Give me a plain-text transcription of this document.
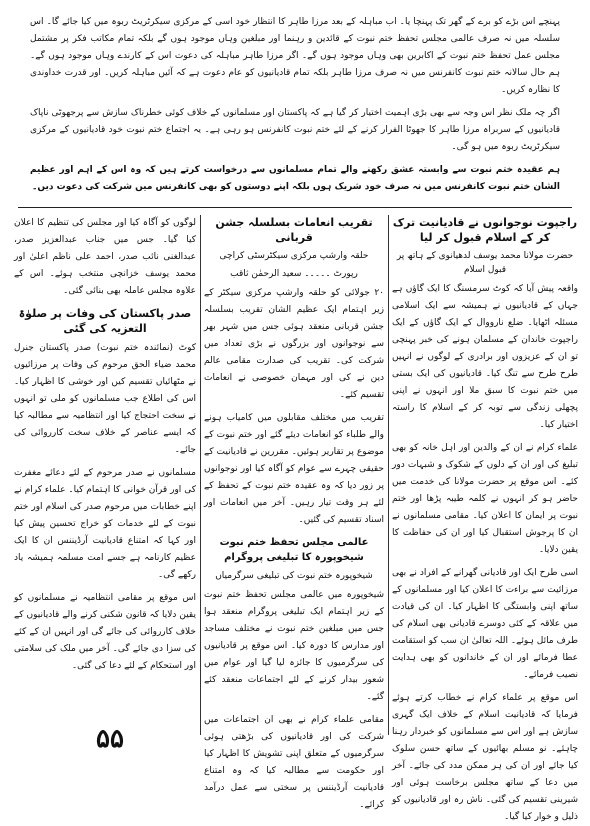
پہنچے اس بڑے کو برے کے گھر تک پہنچا یا۔ اب مباہلہ کے بعد مرزا طاہر کا انتظار خود اسی کے مرکزی سیکرٹریٹ ربوہ میں کیا جائے گا۔ اس سلسلہ میں نہ صرف عالمی مجلس تحفظ ختم نبوت کے قائدین و رہنما اور مبلغین وہاں موجود ہوں گے بلکہ تمام مکاتب فکر پر مشتمل مجلس عمل تحفظ ختم نبوت کے اکابرین بھی وہاں موجود ہوں گے۔ اگر مرزا طاہر مباہلہ کی دعوت اس کے کارندے وہاں موجود ہوں گے۔ ہم حال سالانہ ختم نبوت کانفرنس میں نہ صرف مرزا طاہر بلکہ تمام قادیانیوں کو عام دعوت ہے کہ آئیں مباہلہ کریں۔ اور قدرت خداوندی کا نظارہ کریں۔

اگر چہ ملک نظر اس وجہ سے بھی بڑی اہمیت اختیار کر گیا ہے کہ پاکستان اور مسلمانوں کے خلاف کوئی خطرناک سازش سے پرجھوٹی ناپاک قادیانیوں کے سربراہ مرزا طاہر کا جھوٹا الفرار کرنے کے لئے ختم نبوت کانفرنس ہو رہی ہے۔ یہ اجتماع ختم نبوت خود قادیانیوں کے مرکزی سیکرٹریٹ ربوہ میں ہو گی۔

ہم عقیدہ ختم نبوت سے وابستہ عشق رکھنے والے تمام مسلمانوں سے درخواست کرتے ہیں کہ وہ اس کے اہم اور عظیم الشان ختم نبوت کانفرنس میں نہ صرف خود شریک ہوں بلکہ اپنے دوستوں کو بھی کانفرنس میں شرکت کی دعوت دیں۔

راجپوت نوجوانوں نے قادیانیت ترک کر کے اسلام قبول کر لیا

حضرت مولانا محمد یوسف لدھیانوی کے ہاتھ پر قبول اسلام

واقعہ پیش آیا کہ کوٹ سرمسنگ کا ایک گاؤں ہے جہاں کے قادیانیوں نے ہمیشہ سے ایک اسلامی مسئلہ اٹھایا۔ ضلع نارووال کے ایک گاؤں کے ایک راجپوت خاندان کے مسلمان ہونے کی خبر پہنچی تو ان کے عزیزوں اور برادری کے لوگوں نے انہیں طرح طرح سے تنگ کیا۔ قادیانیوں کی ایک بستی میں ختم نبوت کا سبق ملا اور انہوں نے اپنی پچھلی زندگی سے توبہ کر کے اسلام کا راستہ اختیار کیا۔

علماء کرام نے ان کے والدین اور اہل خانہ کو بھی تبلیغ کی اور ان کے دلوں کے شکوک و شبہات دور کئے۔ اس موقع پر حضرت مولانا کی خدمت میں حاضر ہو کر انہوں نے کلمہ طیبہ پڑھا اور ختم نبوت پر ایمان کا اعلان کیا۔ مقامی مسلمانوں نے ان کا پرجوش استقبال کیا اور ان کی حفاظت کا یقین دلایا۔

اسی طرح ایک اور قادیانی گھرانے کے افراد نے بھی مرزائیت سے براءت کا اعلان کیا اور مسلمانوں کے ساتھ اپنی وابستگی کا اظہار کیا۔ ان کی قیادت میں علاقہ کے کئی دوسرے قادیانی بھی اسلام کی طرف مائل ہوئے۔ اللہ تعالیٰ ان سب کو استقامت عطا فرمائے اور ان کے خاندانوں کو بھی ہدایت نصیب فرمائے۔

اس موقع پر علماء کرام نے خطاب کرتے ہوئے فرمایا کہ قادیانیت اسلام کے خلاف ایک گہری سازش ہے اور اس سے مسلمانوں کو خبردار رہنا چاہئے۔ نو مسلم بھائیوں کے ساتھ حسن سلوک کیا جائے اور ان کی ہر ممکن مدد کی جائے۔ آخر میں دعا کے ساتھ مجلس برخاست ہوئی اور شیرینی تقسیم کی گئی۔ ناش رہ اور قادیانیوں کو ذلیل و خوار کیا گیا۔

تقریب انعامات بسلسلہ جشن قربانی

حلقہ وارشپ مرکزی سیکٹرسٹی کراچی

رپورٹ ۔۔۔۔۔ سعید الرحمٰن ثاقب

۲۰ جولائی کو حلقہ وارشپ مرکزی سیکٹر کے زیر اہتمام ایک عظیم الشان تقریب بسلسلہ جشن قربانی منعقد ہوئی جس میں شہر بھر سے نوجوانوں اور بزرگوں نے بڑی تعداد میں شرکت کی۔ تقریب کی صدارت مقامی عالم دین نے کی اور مہمان خصوصی نے انعامات تقسیم کئے۔

تقریب میں مختلف مقابلوں میں کامیاب ہونے والے طلباء کو انعامات دیئے گئے اور ختم نبوت کے موضوع پر تقاریر ہوئیں۔ مقررین نے قادیانیت کے حقیقی چہرے سے عوام کو آگاہ کیا اور نوجوانوں پر زور دیا کہ وہ عقیدہ ختم نبوت کے تحفظ کے لئے ہر وقت تیار رہیں۔ آخر میں انعامات اور اسناد تقسیم کی گئیں۔

عالمی مجلس تحفظ ختم نبوت شیخوپورہ کا تبلیغی پروگرام

شیخوپورہ ختم نبوت کی تبلیغی سرگرمیاں

شیخوپورہ میں عالمی مجلس تحفظ ختم نبوت کے زیر اہتمام ایک تبلیغی پروگرام منعقد ہوا جس میں مبلغین ختم نبوت نے مختلف مساجد اور مدارس کا دورہ کیا۔ اس موقع پر قادیانیوں کی سرگرمیوں کا جائزہ لیا گیا اور عوام میں شعور بیدار کرنے کے لئے اجتماعات منعقد کئے گئے۔

مقامی علماء کرام نے بھی ان اجتماعات میں شرکت کی اور قادیانیوں کی بڑھتی ہوئی سرگرمیوں کے متعلق اپنی تشویش کا اظہار کیا اور حکومت سے مطالبہ کیا کہ وہ امتناع قادیانیت آرڈیننس پر سختی سے عمل درآمد کرائے۔

لوگوں کو آگاہ کیا اور مجلس کی تنظیم کا اعلان کیا گیا۔ جس میں جناب عبدالعزیز صدر، عبدالغنی نائب صدر، احمد علی ناظم اعلیٰ اور محمد یوسف خزانچی منتخب ہوئے۔ اس کے علاوہ مجلس عاملہ بھی بنائی گئی۔

صدر پاکستان کی وفات پر صلوٰۃ التعزیہ کی گئی

کوٹ (نمائندہ ختم نبوت) صدر پاکستان جنرل محمد ضیاء الحق مرحوم کی وفات پر مرزائیوں نے مٹھائیاں تقسیم کیں اور خوشی کا اظہار کیا۔ اس کی اطلاع جب مسلمانوں کو ملی تو انہوں نے سخت احتجاج کیا اور انتظامیہ سے مطالبہ کیا کہ ایسے عناصر کے خلاف سخت کارروائی کی جائے۔

مسلمانوں نے صدر مرحوم کے لئے دعائے مغفرت کی اور قرآن خوانی کا اہتمام کیا۔ علماء کرام نے اپنے خطابات میں مرحوم صدر کی اسلام اور ختم نبوت کے لئے خدمات کو خراج تحسین پیش کیا اور کہا کہ امتناع قادیانیت آرڈیننس ان کا ایک عظیم کارنامہ ہے جسے امت مسلمہ ہمیشہ یاد رکھے گی۔

اس موقع پر مقامی انتظامیہ نے مسلمانوں کو یقین دلایا کہ قانون شکنی کرنے والے قادیانیوں کے خلاف کارروائی کی جائے گی اور انہیں ان کے کئے کی سزا دی جائے گی۔ آخر میں ملک کی سلامتی اور استحکام کے لئے دعا کی گئی۔

۵۵
